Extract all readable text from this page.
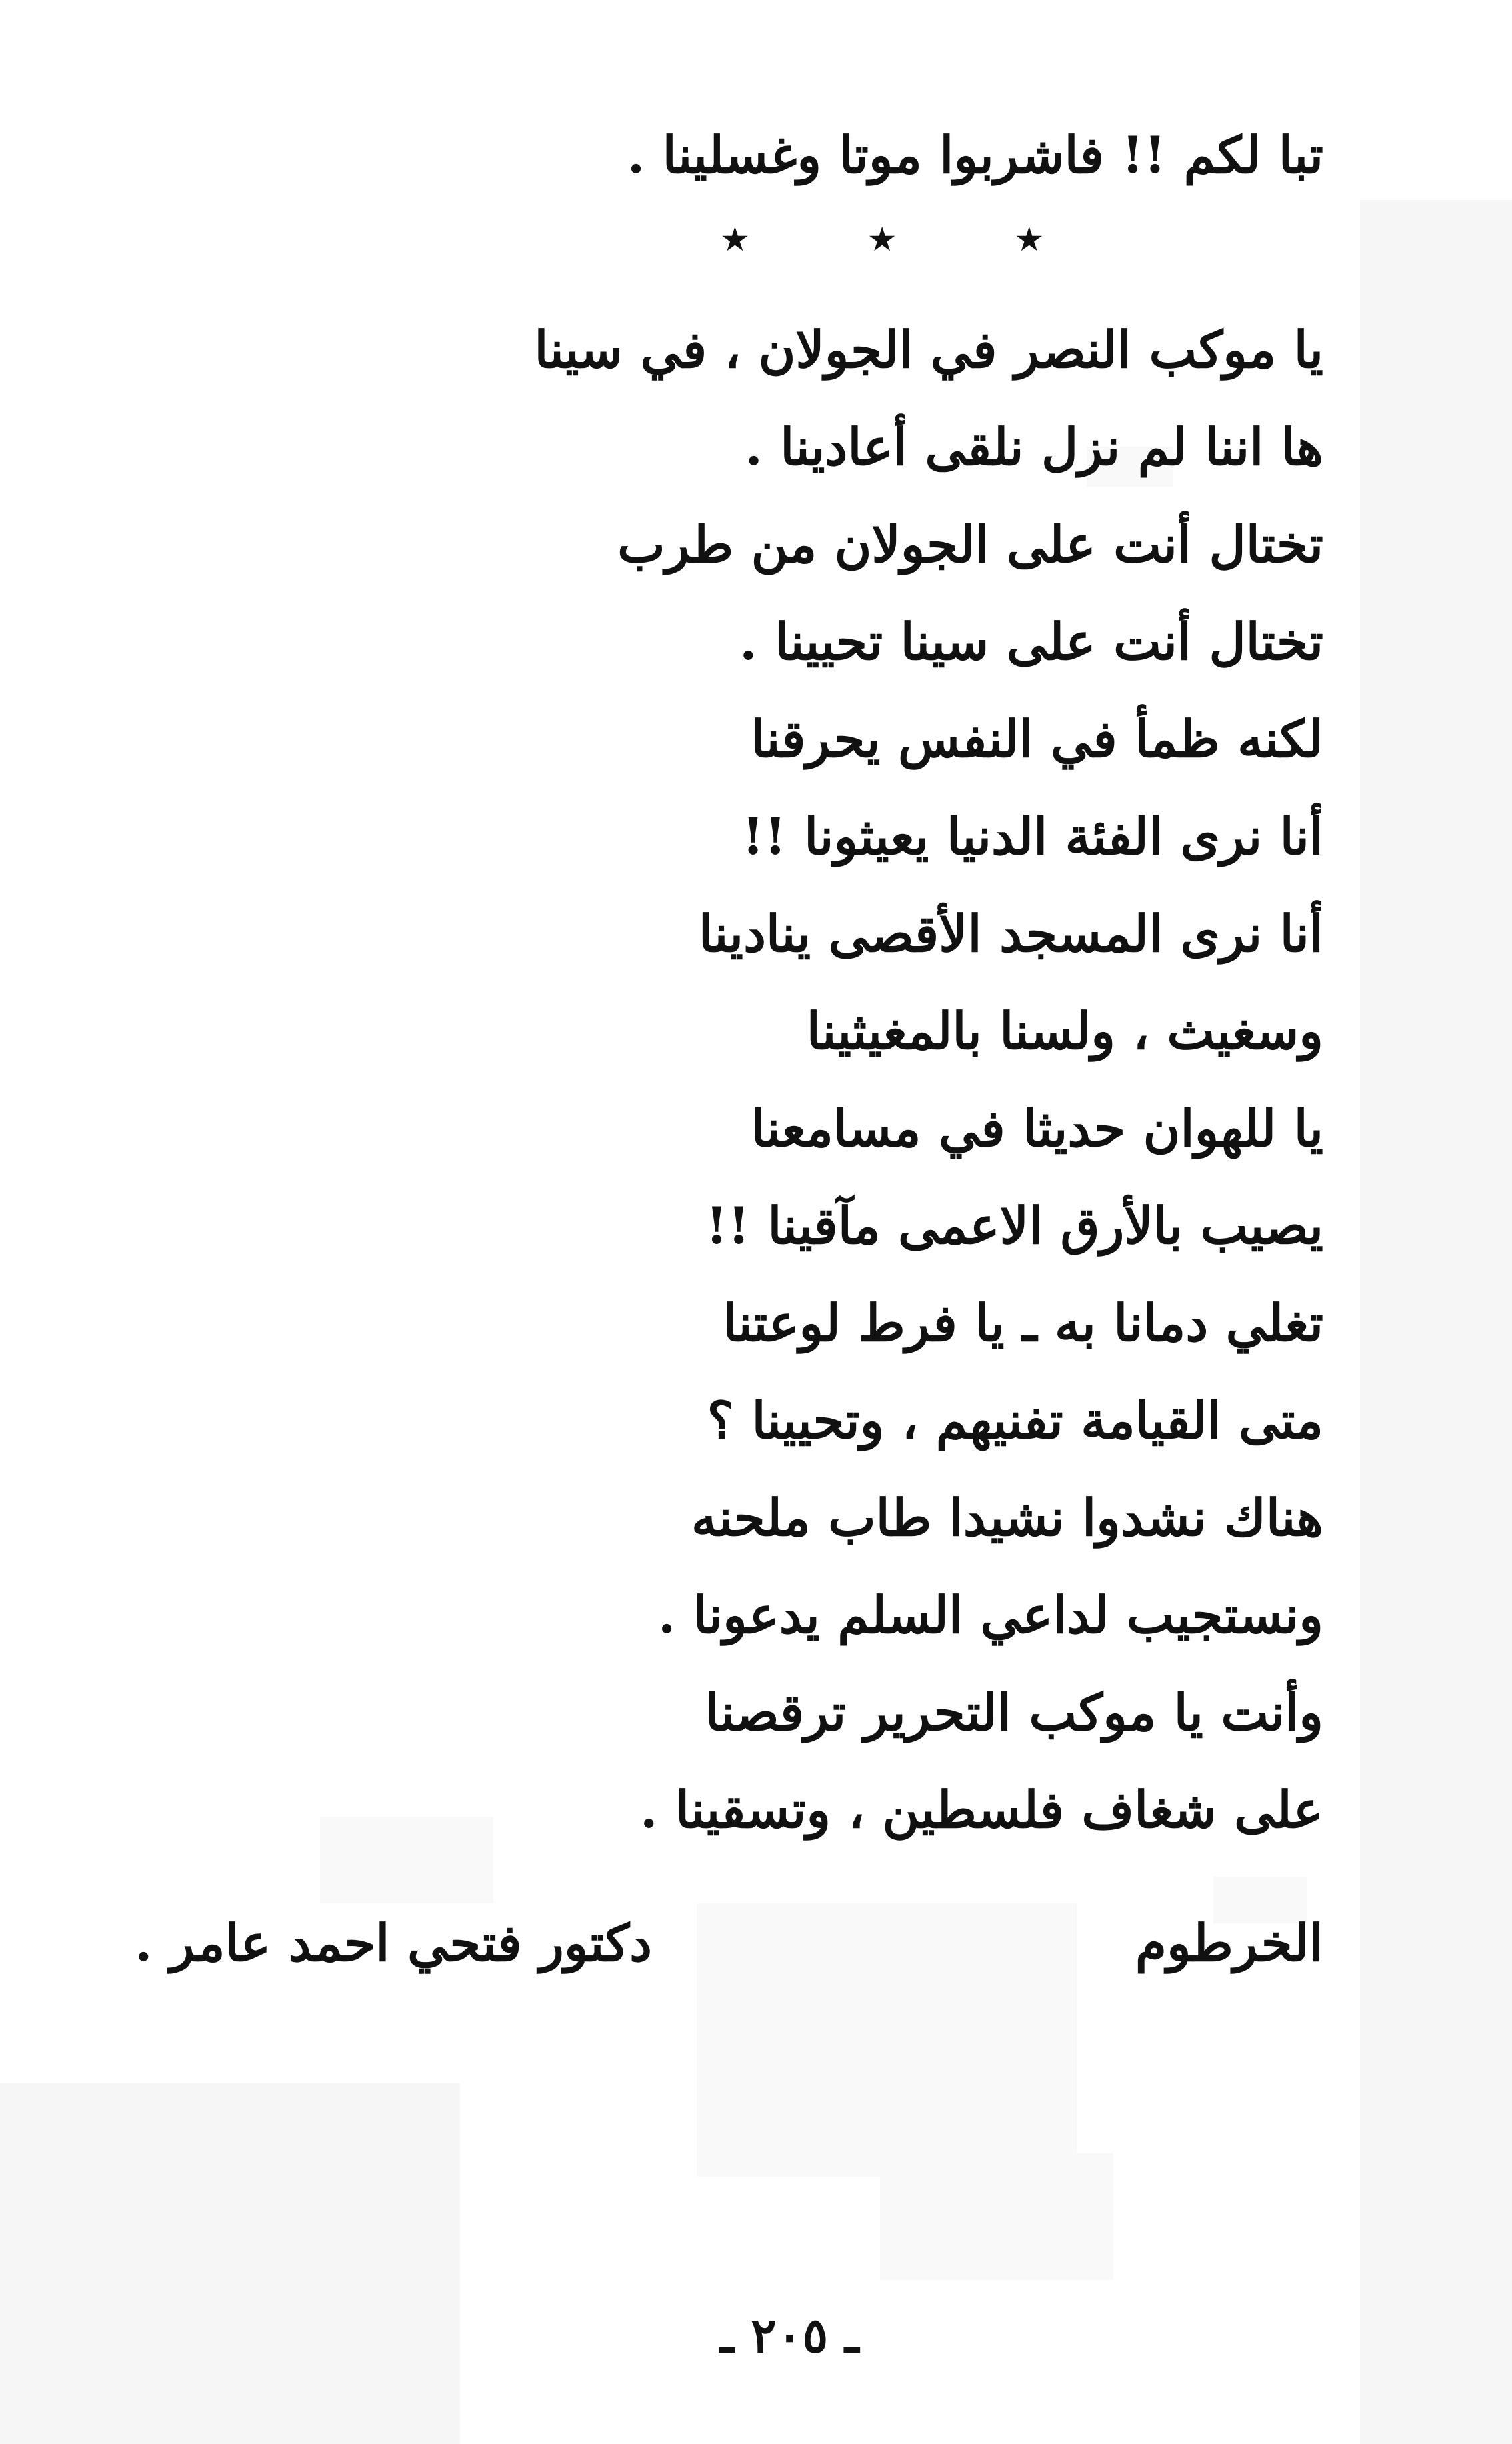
تبا لكم !! فاشربوا موتا وغسلينا .
يا موكب النصر في الجولان ، في سينا
ها اننا لم نزل نلقى أعادينا .
تختال أنت على الجولان من طرب
تختال أنت على سينا تحيينا .
لكنه ظمأ في النفس يحرقنا
أنا نرى الفئة الدنيا يعيثونا !!
أنا نرى المسجد الأقصى ينادينا
وسغيث ، ولسنا بالمغيثينا
يا للهوان حديثا في مسامعنا
يصيب بالأرق الاعمى مآقينا !!
تغلي دمانا به ـ يا فرط لوعتنا
متى القيامة تفنيهم ، وتحيينا ؟
هناك نشدوا نشيدا طاب ملحنه
ونستجيب لداعي السلم يدعونا .
وأنت يا موكب التحرير ترقصنا
على شغاف فلسطين ، وتسقينا .
★ ★ ★
الخرطوم
دكتور فتحي احمد عامر .
ـ ٢٠٥ ـ
